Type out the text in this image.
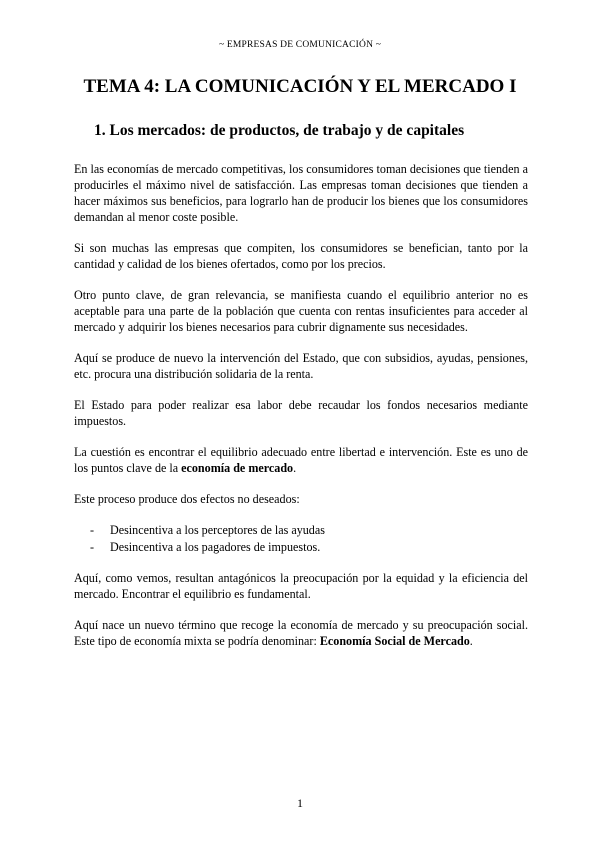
~ EMPRESAS DE COMUNICACIÓN ~
TEMA 4: LA COMUNICACIÓN Y EL MERCADO I
1. Los mercados: de productos, de trabajo y de capitales

En las economías de mercado competitivas, los consumidores toman decisiones que tienden a producirles el máximo nivel de satisfacción. Las empresas toman decisiones que tienden a hacer máximos sus beneficios, para lograrlo han de producir los bienes que los consumidores demandan al menor coste posible.

Si son muchas las empresas que compiten, los consumidores se benefician, tanto por la cantidad y calidad de los bienes ofertados, como por los precios.

Otro punto clave, de gran relevancia, se manifiesta cuando el equilibrio anterior no es aceptable para una parte de la población que cuenta con rentas insuficientes para acceder al mercado y adquirir los bienes necesarios para cubrir dignamente sus necesidades.

Aquí se produce de nuevo la intervención del Estado, que con subsidios, ayudas, pensiones, etc. procura una distribución solidaria de la renta.

El Estado para poder realizar esa labor debe recaudar los fondos necesarios mediante impuestos.

La cuestión es encontrar el equilibrio adecuado entre libertad e intervención. Este es uno de los puntos clave de la economía de mercado.

Este proceso produce dos efectos no deseados:

- Desincentiva a los perceptores de las ayudas
- Desincentiva a los pagadores de impuestos.

Aquí, como vemos, resultan antagónicos la preocupación por la equidad y la eficiencia del mercado. Encontrar el equilibrio es fundamental.

Aquí nace un nuevo término que recoge la economía de mercado y su preocupación social. Este tipo de economía mixta se podría denominar: Economía Social de Mercado.

1
